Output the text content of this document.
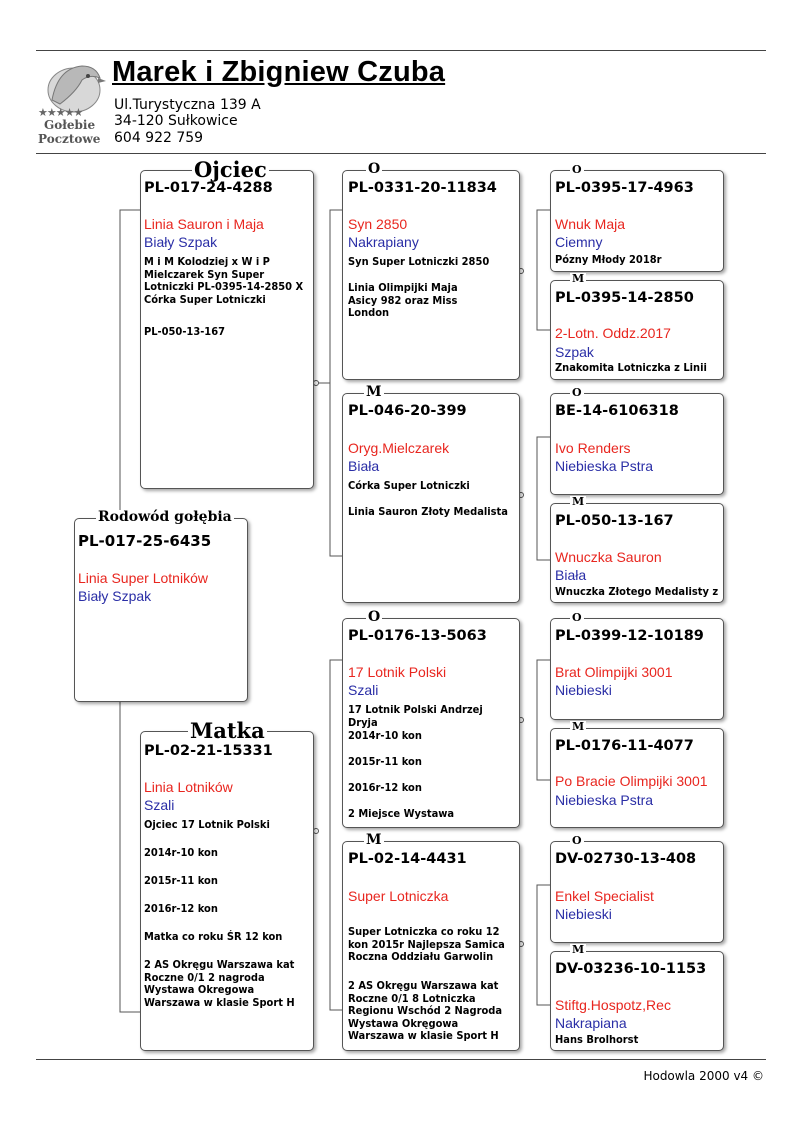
★★★★★
Gołebie
Pocztowe
Marek i Zbigniew Czuba
Ul.Turystyczna 139 A
34-120 Sułkowice
604 922 759
Rodowód gołębia
PL-017-25-6435
Linia Super Lotników
Biały Szpak
Ojciec
PL-017-24-4288
Linia Sauron i Maja
Biały Szpak
M i M Kolodziej x W i P Mielczarek Syn Super Lotniczki PL-0395-14-2850 X Córka Super Lotniczki
PL-050-13-167
Matka
PL-02-21-15331
Linia Lotników
Szali
Ojciec 17 Lotnik Polski
2014r-10 kon
2015r-11 kon
2016r-12 kon
Matka co roku ŚR 12 kon
2 AS Okręgu Warszawa kat Roczne 0/1 2 nagroda Wystawa Okregowa Warszawa w klasie Sport H
O
PL-0331-20-11834
Syn 2850
Nakrapiany
Syn Super Lotniczki 2850
Linia Olimpijki Maja Asicy 982 oraz Miss London
M
PL-046-20-399
Oryg.Mielczarek
Biała
Córka Super Lotniczki
Linia Sauron Złoty Medalista
O
PL-0176-13-5063
17 Lotnik Polski
Szali
17 Lotnik Polski Andrzej Dryja
2014r-10 kon
2015r-11 kon
2016r-12 kon
2 Miejsce Wystawa
M
PL-02-14-4431
Super Lotniczka
Super Lotniczka co roku 12 kon 2015r Najlepsza Samica Roczna Oddziału Garwolin
2 AS Okręgu Warszawa kat Roczne 0/1 8 Lotniczka Regionu Wschód 2 Nagroda Wystawa Okręgowa Warszawa w klasie Sport H
O
PL-0395-17-4963
Wnuk Maja
Ciemny
Pózny Młody 2018r
M
PL-0395-14-2850
2-Lotn. Oddz.2017
Szpak
Znakomita Lotniczka z Linii
O
BE-14-6106318
Ivo Renders
Niebieska Pstra
M
PL-050-13-167
Wnuczka Sauron
Biała
Wnuczka Złotego Medalisty z
O
PL-0399-12-10189
Brat Olimpijki 3001
Niebieski
M
PL-0176-11-4077
Po Bracie Olimpijki 3001
Niebieska Pstra
O
DV-02730-13-408
Enkel Specialist
Niebieski
M
DV-03236-10-1153
Stiftg.Hospotz,Rec
Nakrapiana
Hans Brolhorst
Hodowla 2000 v4 ©
